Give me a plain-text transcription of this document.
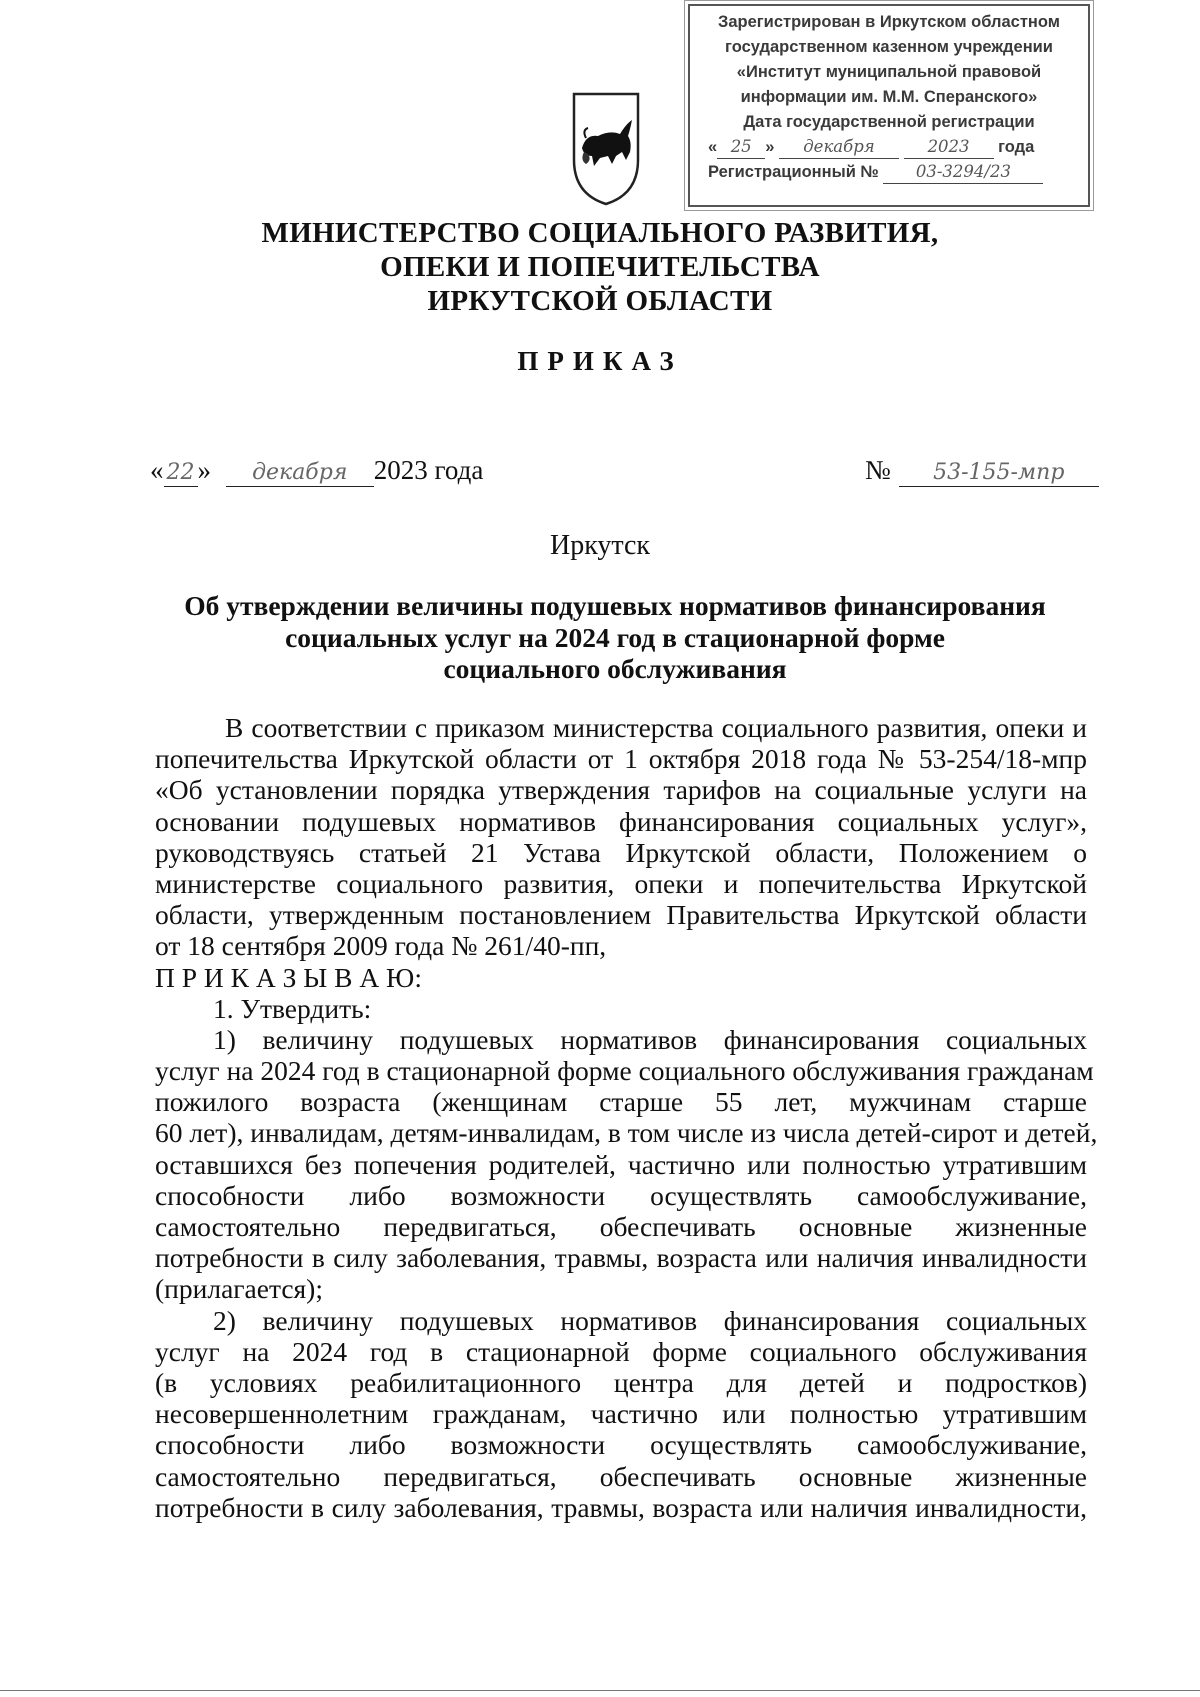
Зарегистрирован в Иркутском областном
государственном казенном учреждении
«Институт муниципальной правовой
информации им. М.М. Сперанского»
Дата государственной регистрации
« 25 » декабря	2023 года
Регистрационный № 03-3294/23
МИНИСТЕРСТВО СОЦИАЛЬНОГО РАЗВИТИЯ,
ОПЕКИ И ПОПЕЧИТЕЛЬСТВА
ИРКУТСКОЙ ОБЛАСТИ
ПРИКАЗ
« 22 » декабря 2023 года	№ 53-155-мпр
Иркутск
Об утверждении величины подушевых нормативов финансирования
социальных услуг на 2024 год в стационарной форме
социального обслуживания
В соответствии с приказом министерства социального развития, опеки и
попечительства Иркутской области от 1 октября 2018 года № 53-254/18-мпр
«Об установлении порядка утверждения тарифов на социальные услуги на
основании подушевых нормативов финансирования социальных услуг»,
руководствуясь статьей 21 Устава Иркутской области, Положением о
министерстве социального развития, опеки и попечительства Иркутской
области, утвержденным постановлением Правительства Иркутской области
от 18 сентября 2009 года № 261/40-пп,
П Р И К А З Ы В А Ю:
1. Утвердить:
1) величину подушевых нормативов финансирования социальных
услуг на 2024 год в стационарной форме социального обслуживания гражданам
пожилого возраста (женщинам старше 55 лет, мужчинам старше
60 лет), инвалидам, детям-инвалидам, в том числе из числа детей-сирот и детей,
оставшихся без попечения родителей, частично или полностью утратившим
способности либо возможности осуществлять самообслуживание,
самостоятельно передвигаться, обеспечивать основные жизненные
потребности в силу заболевания, травмы, возраста или наличия инвалидности
(прилагается);
2) величину подушевых нормативов финансирования социальных
услуг на 2024 год в стационарной форме социального обслуживания
(в условиях реабилитационного центра для детей и подростков)
несовершеннолетним гражданам, частично или полностью утратившим
способности либо возможности осуществлять самообслуживание,
самостоятельно передвигаться, обеспечивать основные жизненные
потребности в силу заболевания, травмы, возраста или наличия инвалидности,
